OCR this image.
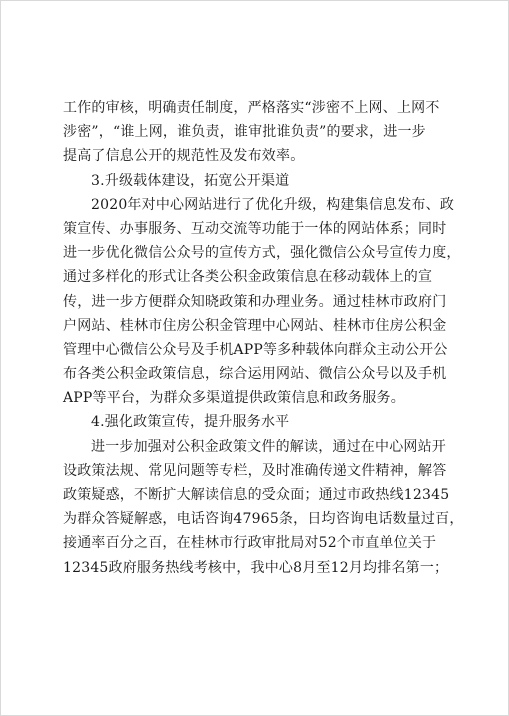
工作的审核，明确责任制度，严格落实“涉密不上网、上网不
涉密”，“谁上网，谁负责，谁审批谁负责”的要求，进一步
提高了信息公开的规范性及发布效率。
3.升级载体建设，拓宽公开渠道
2020年对中心网站进行了优化升级，构建集信息发布、政
策宣传、办事服务、互动交流等功能于一体的网站体系；同时
进一步优化微信公众号的宣传方式，强化微信公众号宣传力度，
通过多样化的形式让各类公积金政策信息在移动载体上的宣
传，进一步方便群众知晓政策和办理业务。通过桂林市政府门
户网站、桂林市住房公积金管理中心网站、桂林市住房公积金
管理中心微信公众号及手机APP等多种载体向群众主动公开公
布各类公积金政策信息，综合运用网站、微信公众号以及手机
APP等平台，为群众多渠道提供政策信息和政务服务。
4.强化政策宣传，提升服务水平
进一步加强对公积金政策文件的解读，通过在中心网站开
设政策法规、常见问题等专栏，及时准确传递文件精神，解答
政策疑惑，不断扩大解读信息的受众面；通过市政热线12345
为群众答疑解惑，电话咨询47965条，日均咨询电话数量过百，
接通率百分之百，在桂林市行政审批局对52个市直单位关于
12345政府服务热线考核中，我中心8月至12月均排名第一；
